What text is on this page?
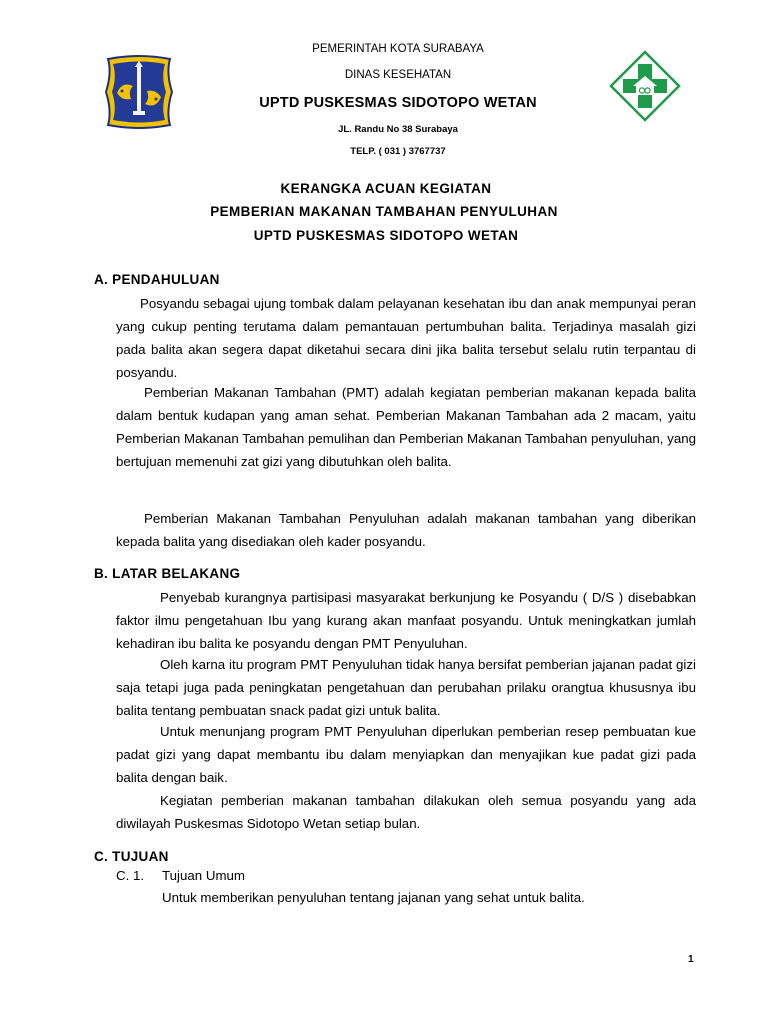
PEMERINTAH KOTA SURABAYA
DINAS KESEHATAN
UPTD PUSKESMAS SIDOTOPO WETAN
JL. Randu No 38 Surabaya
TELP. ( 031 ) 3767737
KERANGKA ACUAN KEGIATAN
PEMBERIAN MAKANAN TAMBAHAN PENYULUHAN
UPTD PUSKESMAS SIDOTOPO WETAN
A. PENDAHULUAN

Posyandu sebagai ujung tombak dalam pelayanan kesehatan ibu dan anak mempunyai peran yang cukup penting terutama dalam pemantauan pertumbuhan balita. Terjadinya masalah gizi pada balita akan segera dapat diketahui secara dini jika balita tersebut selalu rutin terpantau di posyandu.

Pemberian Makanan Tambahan (PMT) adalah kegiatan pemberian makanan kepada balita dalam bentuk kudapan yang aman sehat. Pemberian Makanan Tambahan ada 2 macam, yaitu Pemberian Makanan Tambahan pemulihan dan Pemberian Makanan Tambahan penyuluhan, yang bertujuan memenuhi zat gizi yang dibutuhkan oleh balita.

Pemberian Makanan Tambahan Penyuluhan adalah makanan tambahan yang diberikan kepada balita yang disediakan oleh kader posyandu.

B. LATAR BELAKANG

Penyebab kurangnya partisipasi masyarakat berkunjung ke Posyandu ( D/S ) disebabkan faktor ilmu pengetahuan Ibu yang kurang akan manfaat posyandu. Untuk meningkatkan jumlah kehadiran ibu balita ke posyandu dengan PMT Penyuluhan.

Oleh karna itu program PMT Penyuluhan tidak hanya bersifat pemberian jajanan padat gizi saja tetapi juga pada peningkatan pengetahuan dan perubahan prilaku orangtua khususnya ibu balita tentang pembuatan snack padat gizi untuk balita.

Untuk menunjang program PMT Penyuluhan diperlukan pemberian resep pembuatan kue padat gizi yang dapat membantu ibu dalam menyiapkan dan menyajikan kue padat gizi pada balita dengan baik.

Kegiatan pemberian makanan tambahan dilakukan oleh semua posyandu yang ada diwilayah Puskesmas Sidotopo Wetan setiap bulan.

C. TUJUAN
C. 1. Tujuan Umum
Untuk memberikan penyuluhan tentang jajanan yang sehat untuk balita.
1
